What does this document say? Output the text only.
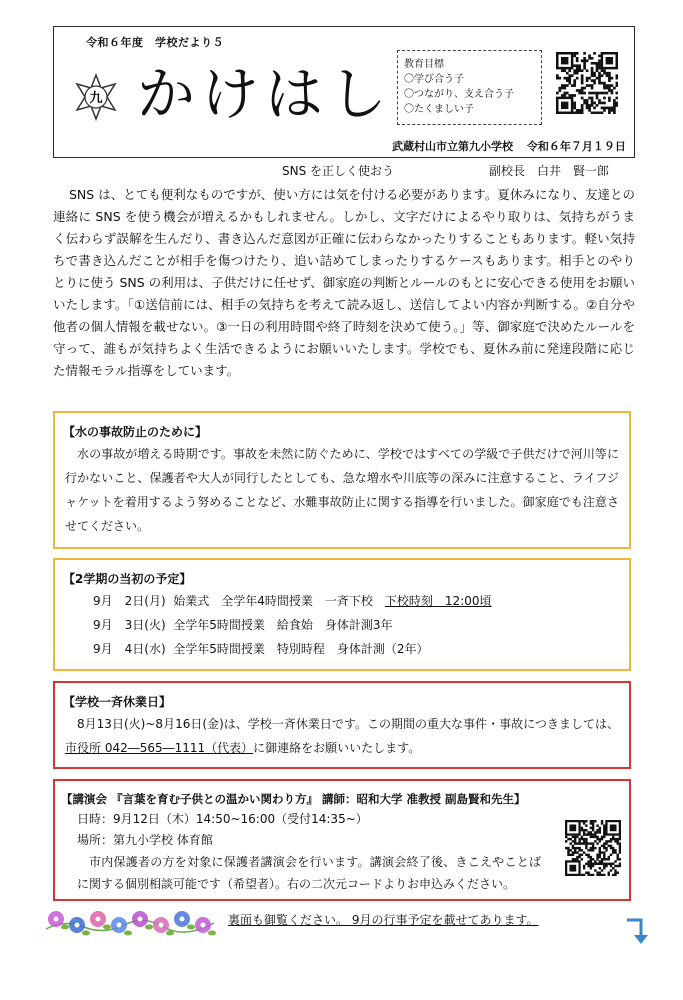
令和６年度　学校だより５
九 かけはし 教育目標
〇学び合う子
〇つながり、支え合う子
〇たくましい子
武蔵村山市立第九小学校 令和６年７月１９日
SNS を正しく使おう	副校長　白井　賢一郎
SNS は、とても便利なものですが、使い方には気を付ける必要があります。夏休みになり、友達との連絡に SNS を使う機会が増えるかもしれません。しかし、文字だけによるやり取りは、気持ちがうまく伝わらず誤解を生んだり、書き込んだ意図が正確に伝わらなかったりすることもあります。軽い気持ちで書き込んだことが相手を傷つけたり、追い詰めてしまったりするケースもあります。相手とのやりとりに使う SNS の利用は、子供だけに任せず、御家庭の判断とルールのもとに安心できる使用をお願いいたします。「①送信前には、相手の気持ちを考えて読み返し、送信してよい内容か判断する。②自分や他者の個人情報を載せない。③一日の利用時間や終了時刻を決めて使う。」等、御家庭で決めたルールを守って、誰もが気持ちよく生活できるようにお願いいたします。学校でも、夏休み前に発達段階に応じた情報モラル指導をしています。
【水の事故防止のために】
水の事故が増える時期です。事故を未然に防ぐために、学校ではすべての学級で子供だけで河川等に行かないこと、保護者や大人が同行したとしても、急な増水や川底等の深みに注意すること、ライフジャケットを着用するよう努めることなど、水難事故防止に関する指導を行いました。御家庭でも注意させてください。
【2学期の当初の予定】
9月　2日(月) 始業式　全学年4時間授業　一斉下校　下校時刻　12:00頃
9月　3日(火) 全学年5時間授業　給食始　身体計測3年
9月　4日(水) 全学年5時間授業　特別時程　身体計測（2年）
【学校一斉休業日】
8月13日(火)~8月16日(金)は、学校一斉休業日です。この期間の重大な事件・事故につきましては、市役所 042―565―1111（代表）に御連絡をお願いいたします。
【講演会 『言葉を育む子供との温かい関わり方』 講師：昭和大学 准教授 副島賢和先生】
日時：9月12日（木）14:50~16:00（受付14:35~）
場所：第九小学校 体育館
市内保護者の方を対象に保護者講演会を行います。講演会終了後、きこえやことばに関する個別相談可能です（希望者）。右の二次元コードよりお申込みください。
裏面も御覧ください。 9月の行事予定を載せてあります。
